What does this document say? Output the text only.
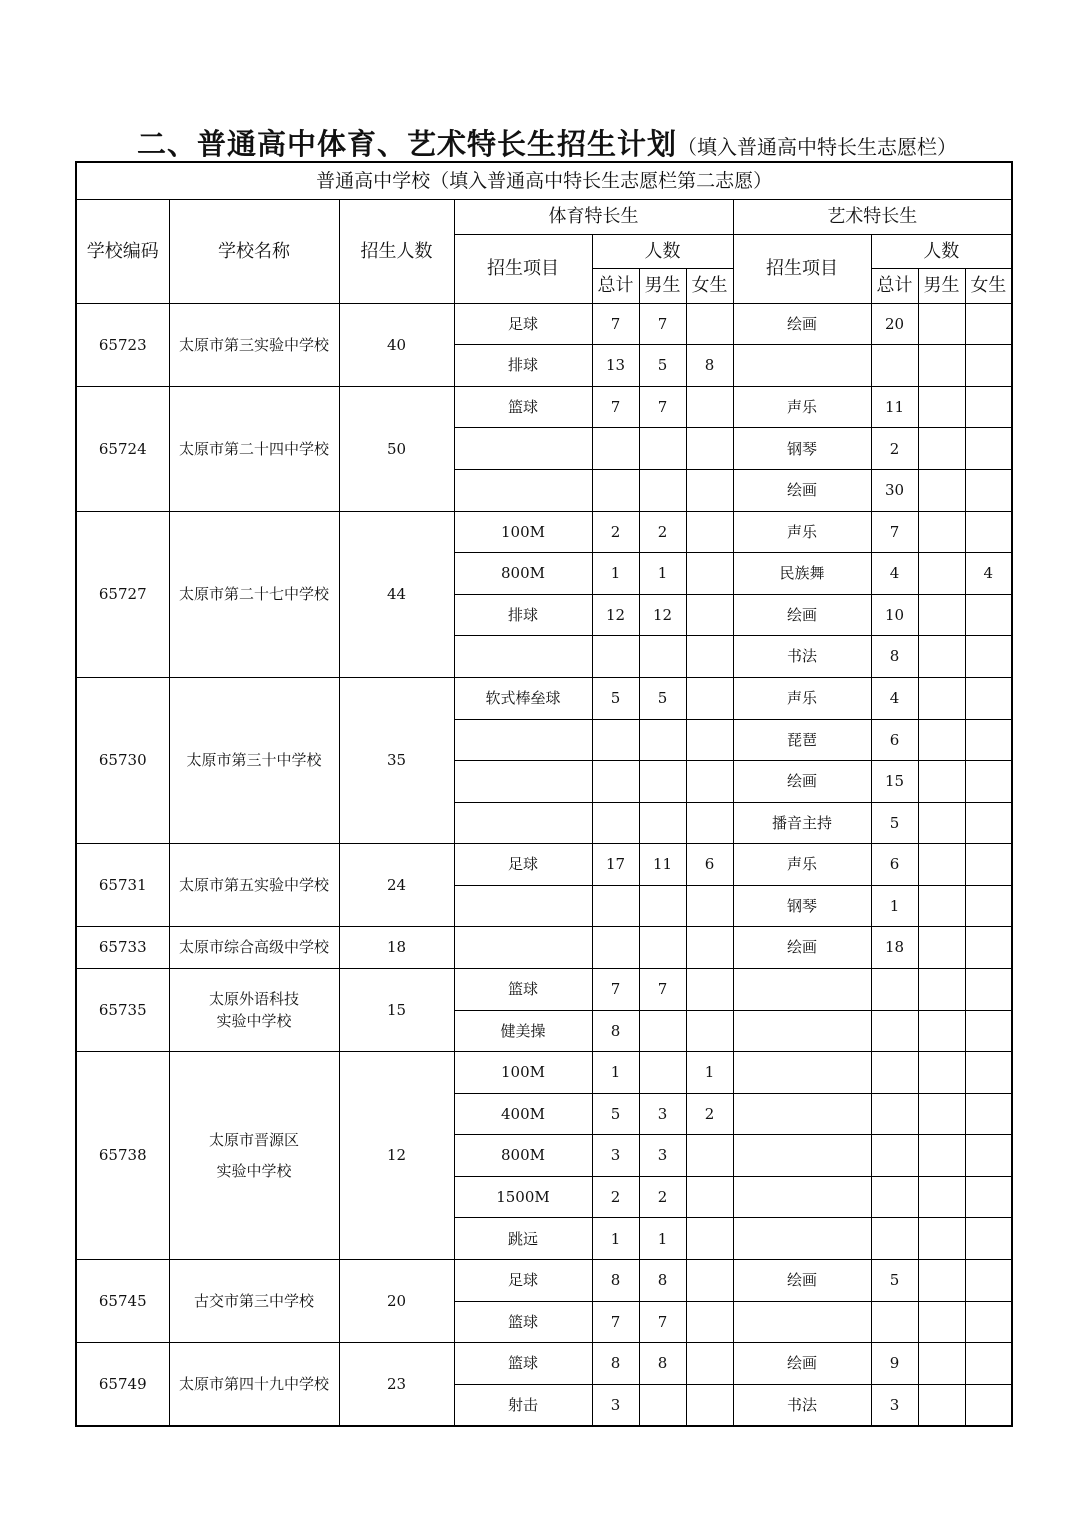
二、普通高中体育、艺术特长生招生计划（填入普通高中特长生志愿栏）
普通高中学校（填入普通高中特长生志愿栏第二志愿）										
学校编码	学校名称	招生人数	体育特长生				艺术特长生			
			招生项目	人数			招生项目	人数		
				总计	男生	女生		总计	男生	女生
65723	太原市第三实验中学校	40	足球	7	7		绘画	20		
			排球	13	5	8				
65724	太原市第二十四中学校	50	篮球	7	7		声乐	11		
							钢琴	2		
							绘画	30		
65727	太原市第二十七中学校	44	100M	2	2		声乐	7		
			800M	1	1		民族舞	4		4
			排球	12	12		绘画	10		
							书法	8		
65730	太原市第三十中学校	35	软式棒垒球	5	5		声乐	4		
							琵琶	6		
							绘画	15		
							播音主持	5		
65731	太原市第五实验中学校	24	足球	17	11	6	声乐	6		
							钢琴	1		
65733	太原市综合高级中学校	18					绘画	18		
65735	太原外语科技
实验中学校	15	篮球	7	7					
			健美操	8						
65738	太原市晋源区
实验中学校	12	100M	1		1				
			400M	5	3	2				
			800M	3	3					
			1500M	2	2					
			跳远	1	1					
65745	古交市第三中学校	20	足球	8	8		绘画	5		
			篮球	7	7					
65749	太原市第四十九中学校	23	篮球	8	8		绘画	9		
			射击	3			书法	3		
